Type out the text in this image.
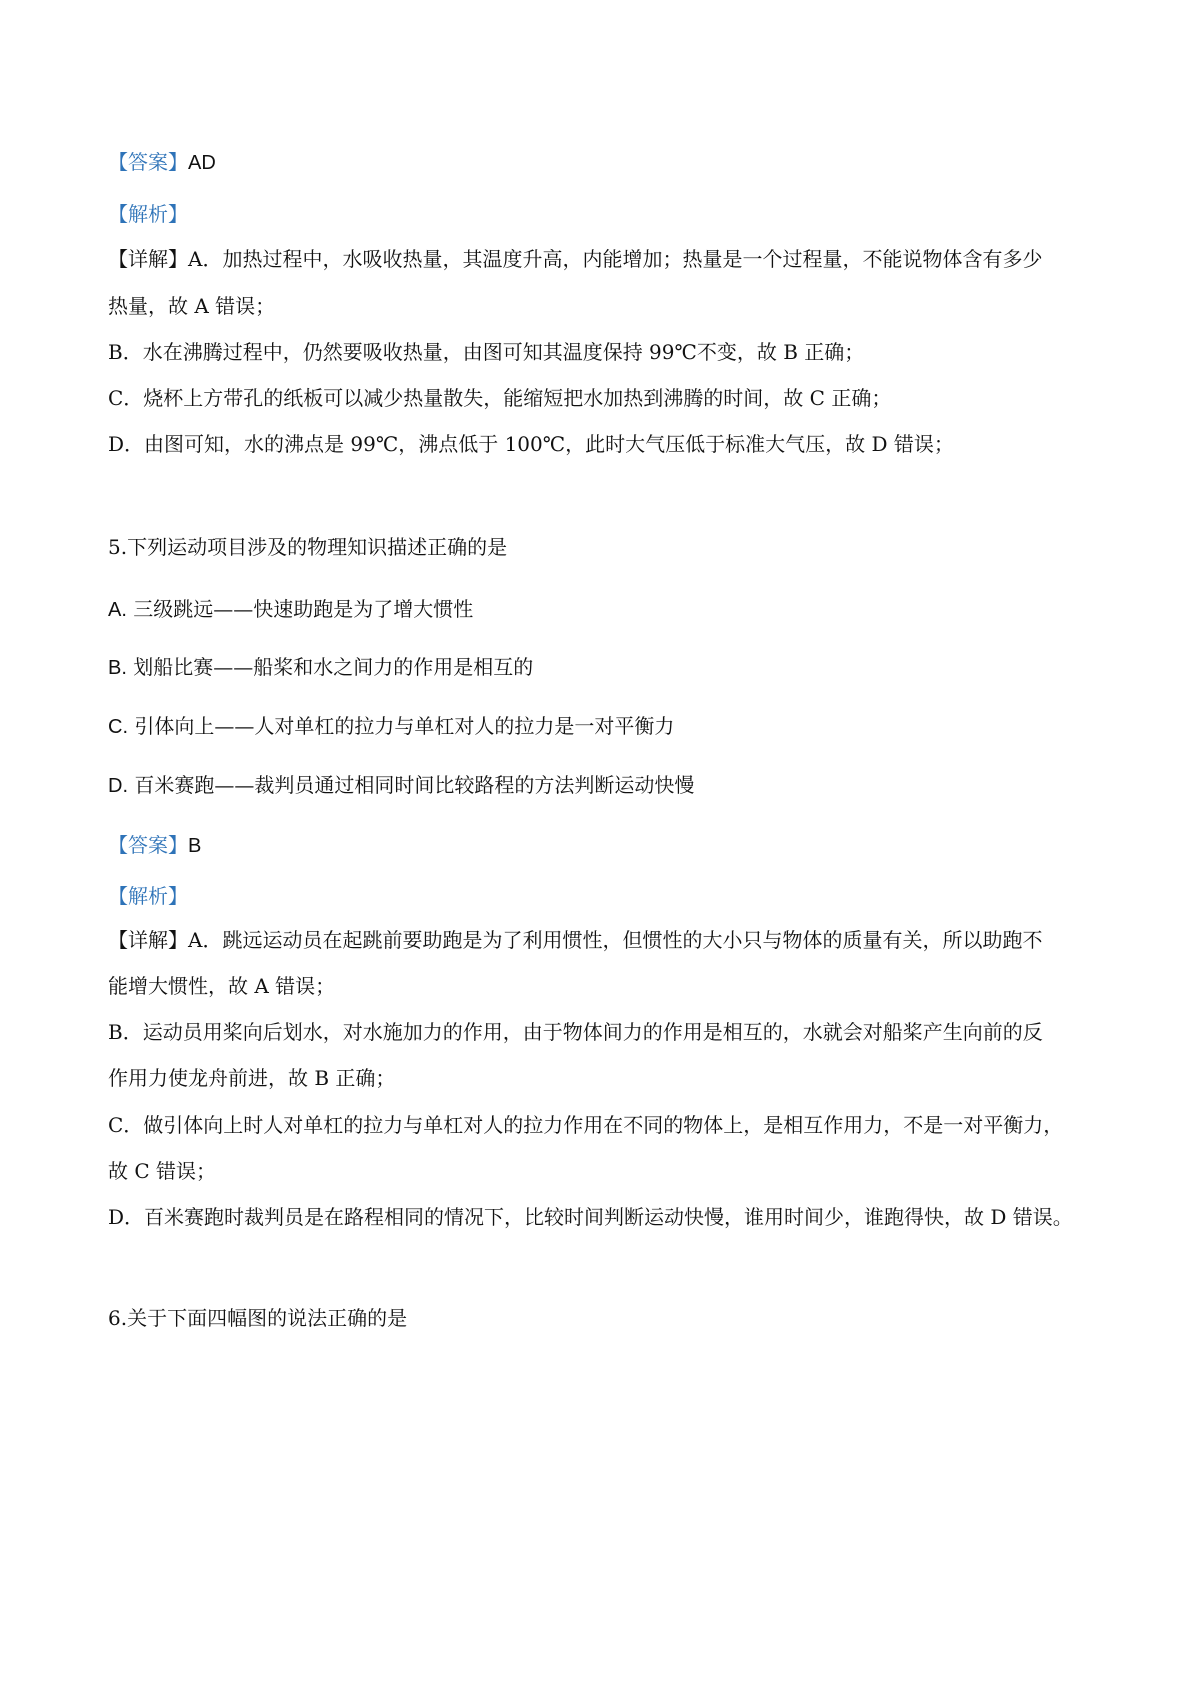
【答案】AD
【解析】
【详解】A．加热过程中，水吸收热量，其温度升高，内能增加；热量是一个过程量，不能说物体含有多少
热量，故 A 错误；
B．水在沸腾过程中，仍然要吸收热量，由图可知其温度保持 99℃不变，故 B 正确；
C．烧杯上方带孔的纸板可以减少热量散失，能缩短把水加热到沸腾的时间，故 C 正确；
D．由图可知，水的沸点是 99℃，沸点低于 100℃，此时大气压低于标准大气压，故 D 错误；
5.下列运动项目涉及的物理知识描述正确的是
A. 三级跳远——快速助跑是为了增大惯性
B. 划船比赛——船桨和水之间力的作用是相互的
C. 引体向上——人对单杠的拉力与单杠对人的拉力是一对平衡力
D. 百米赛跑——裁判员通过相同时间比较路程的方法判断运动快慢
【答案】B
【解析】
【详解】A．跳远运动员在起跳前要助跑是为了利用惯性，但惯性的大小只与物体的质量有关，所以助跑不
能增大惯性，故 A 错误；
B．运动员用桨向后划水，对水施加力的作用，由于物体间力的作用是相互的，水就会对船桨产生向前的反
作用力使龙舟前进，故 B 正确；
C．做引体向上时人对单杠的拉力与单杠对人的拉力作用在不同的物体上，是相互作用力，不是一对平衡力，
故 C 错误；
D．百米赛跑时裁判员是在路程相同的情况下，比较时间判断运动快慢，谁用时间少，谁跑得快，故 D 错误。
6.关于下面四幅图的说法正确的是
